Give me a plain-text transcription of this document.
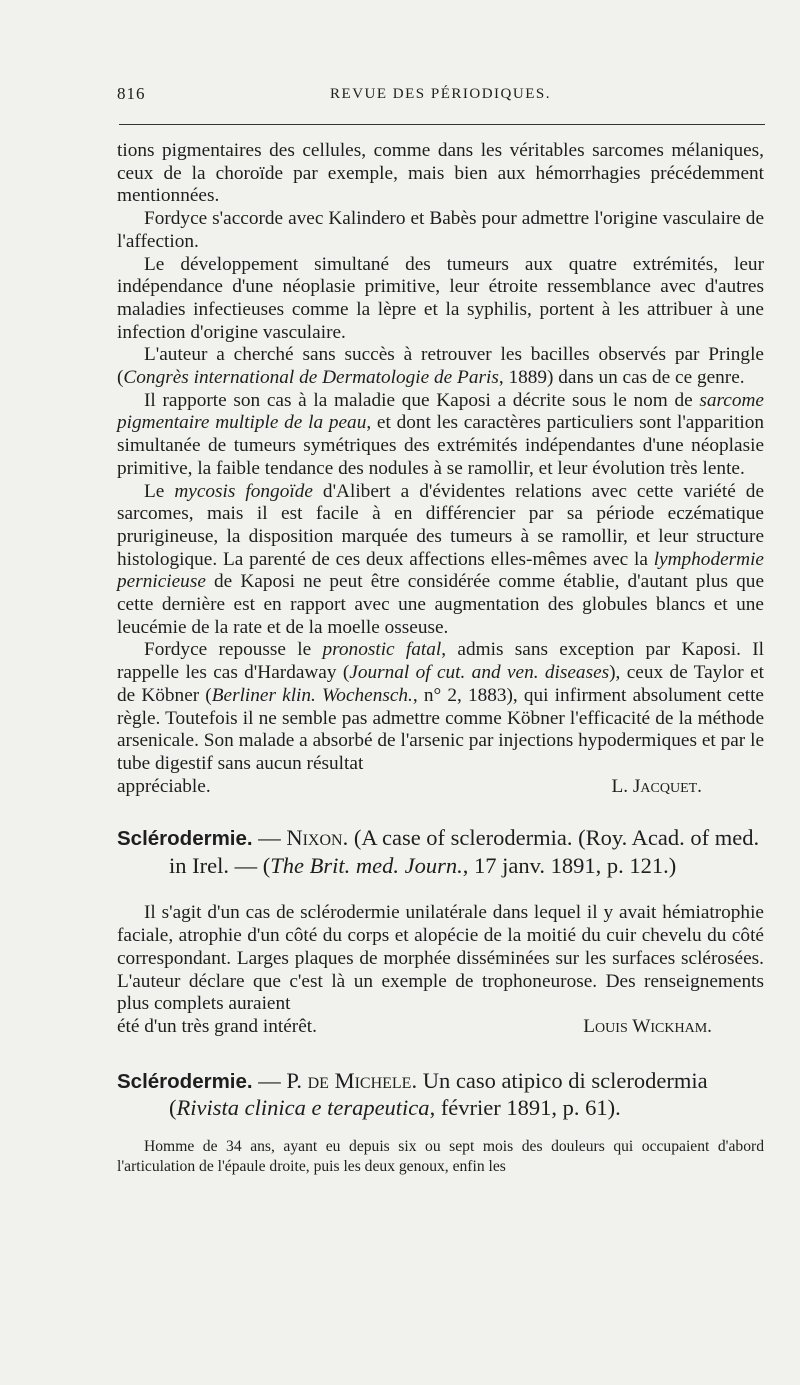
816	REVUE DES PÉRIODIQUES.

tions pigmentaires des cellules, comme dans les véritables sarcomes mélaniques, ceux de la choroïde par exemple, mais bien aux hémorrhagies précédemment mentionnées.

Fordyce s'accorde avec Kalindero et Babès pour admettre l'origine vasculaire de l'affection.

Le développement simultané des tumeurs aux quatre extrémités, leur indépendance d'une néoplasie primitive, leur étroite ressemblance avec d'autres maladies infectieuses comme la lèpre et la syphilis, portent à les attribuer à une infection d'origine vasculaire.

L'auteur a cherché sans succès à retrouver les bacilles observés par Pringle (Congrès international de Dermatologie de Paris, 1889) dans un cas de ce genre.

Il rapporte son cas à la maladie que Kaposi a décrite sous le nom de sarcome pigmentaire multiple de la peau, et dont les caractères particuliers sont l'apparition simultanée de tumeurs symétriques des extrémités indépendantes d'une néoplasie primitive, la faible tendance des nodules à se ramollir, et leur évolution très lente.

Le mycosis fongoïde d'Alibert a d'évidentes relations avec cette variété de sarcomes, mais il est facile à en différencier par sa période eczématique prurigineuse, la disposition marquée des tumeurs à se ramollir, et leur structure histologique. La parenté de ces deux affections elles-mêmes avec la lymphodermie pernicieuse de Kaposi ne peut être considérée comme établie, d'autant plus que cette dernière est en rapport avec une augmentation des globules blancs et une leucémie de la rate et de la moelle osseuse.

Fordyce repousse le pronostic fatal, admis sans exception par Kaposi. Il rappelle les cas d'Hardaway (Journal of cut. and ven. diseases), ceux de Taylor et de Köbner (Berliner klin. Wochensch., n° 2, 1883), qui infirment absolument cette règle. Toutefois il ne semble pas admettre comme Köbner l'efficacité de la méthode arsenicale. Son malade a absorbé de l'arsenic par injections hypodermiques et par le tube digestif sans aucun résultat

appréciable.	L. Jacquet.

Sclérodermie. — Nixon. (A case of sclerodermia. (Roy. Acad. of med.
in Irel. — (The Brit. med. Journ., 17 janv. 1891, p. 121.)

Il s'agit d'un cas de sclérodermie unilatérale dans lequel il y avait hémiatrophie faciale, atrophie d'un côté du corps et alopécie de la moitié du cuir chevelu du côté correspondant. Larges plaques de morphée disséminées sur les surfaces sclérosées. L'auteur déclare que c'est là un exemple de trophoneurose. Des renseignements plus complets auraient

été d'un très grand intérêt.	Louis Wickham.

Sclérodermie. — P. de Michele. Un caso atipico di sclerodermia
(Rivista clinica e terapeutica, février 1891, p. 61).

Homme de 34 ans, ayant eu depuis six ou sept mois des douleurs qui occupaient d'abord l'articulation de l'épaule droite, puis les deux genoux, enfin les
